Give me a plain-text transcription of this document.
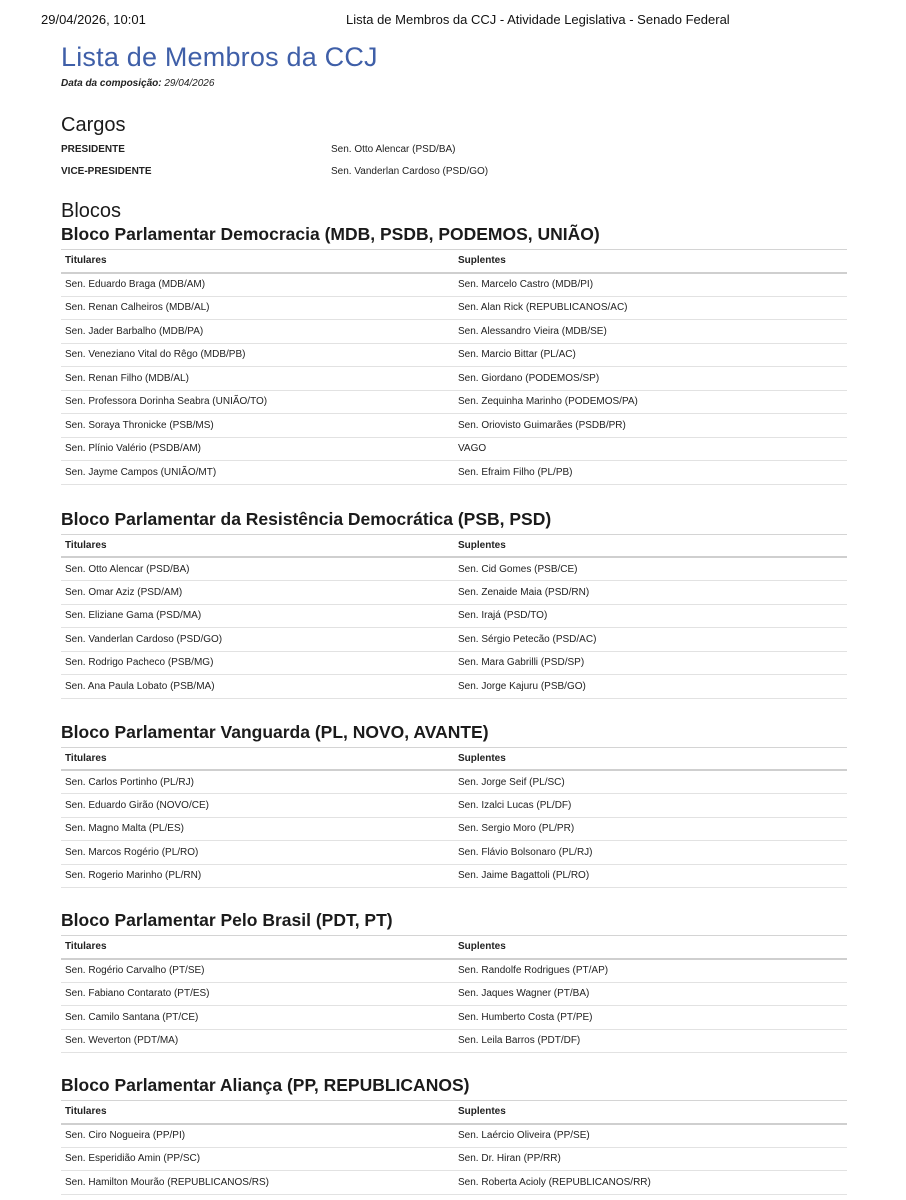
29/04/2026, 10:01	Lista de Membros da CCJ - Atividade Legislativa - Senado Federal
Lista de Membros da CCJ
Data da composição: 29/04/2026
Cargos
PRESIDENTE	Sen. Otto Alencar (PSD/BA)
VICE-PRESIDENTE	Sen. Vanderlan Cardoso (PSD/GO)
Blocos
Bloco Parlamentar Democracia (MDB, PSDB, PODEMOS, UNIÃO)
Titulares	Suplentes
Sen. Eduardo Braga (MDB/AM)	Sen. Marcelo Castro (MDB/PI)
Sen. Renan Calheiros (MDB/AL)	Sen. Alan Rick (REPUBLICANOS/AC)
Sen. Jader Barbalho (MDB/PA)	Sen. Alessandro Vieira (MDB/SE)
Sen. Veneziano Vital do Rêgo (MDB/PB)	Sen. Marcio Bittar (PL/AC)
Sen. Renan Filho (MDB/AL)	Sen. Giordano (PODEMOS/SP)
Sen. Professora Dorinha Seabra (UNIÃO/TO)	Sen. Zequinha Marinho (PODEMOS/PA)
Sen. Soraya Thronicke (PSB/MS)	Sen. Oriovisto Guimarães (PSDB/PR)
Sen. Plínio Valério (PSDB/AM)	VAGO
Sen. Jayme Campos (UNIÃO/MT)	Sen. Efraim Filho (PL/PB)
Bloco Parlamentar da Resistência Democrática (PSB, PSD)
Titulares	Suplentes
Sen. Otto Alencar (PSD/BA)	Sen. Cid Gomes (PSB/CE)
Sen. Omar Aziz (PSD/AM)	Sen. Zenaide Maia (PSD/RN)
Sen. Eliziane Gama (PSD/MA)	Sen. Irajá (PSD/TO)
Sen. Vanderlan Cardoso (PSD/GO)	Sen. Sérgio Petecão (PSD/AC)
Sen. Rodrigo Pacheco (PSB/MG)	Sen. Mara Gabrilli (PSD/SP)
Sen. Ana Paula Lobato (PSB/MA)	Sen. Jorge Kajuru (PSB/GO)
Bloco Parlamentar Vanguarda (PL, NOVO, AVANTE)
Titulares	Suplentes
Sen. Carlos Portinho (PL/RJ)	Sen. Jorge Seif (PL/SC)
Sen. Eduardo Girão (NOVO/CE)	Sen. Izalci Lucas (PL/DF)
Sen. Magno Malta (PL/ES)	Sen. Sergio Moro (PL/PR)
Sen. Marcos Rogério (PL/RO)	Sen. Flávio Bolsonaro (PL/RJ)
Sen. Rogerio Marinho (PL/RN)	Sen. Jaime Bagattoli (PL/RO)
Bloco Parlamentar Pelo Brasil (PDT, PT)
Titulares	Suplentes
Sen. Rogério Carvalho (PT/SE)	Sen. Randolfe Rodrigues (PT/AP)
Sen. Fabiano Contarato (PT/ES)	Sen. Jaques Wagner (PT/BA)
Sen. Camilo Santana (PT/CE)	Sen. Humberto Costa (PT/PE)
Sen. Weverton (PDT/MA)	Sen. Leila Barros (PDT/DF)
Bloco Parlamentar Aliança (PP, REPUBLICANOS)
Titulares	Suplentes
Sen. Ciro Nogueira (PP/PI)	Sen. Laércio Oliveira (PP/SE)
Sen. Esperidião Amin (PP/SC)	Sen. Dr. Hiran (PP/RR)
Sen. Hamilton Mourão (REPUBLICANOS/RS)	Sen. Roberta Acioly (REPUBLICANOS/RR)
